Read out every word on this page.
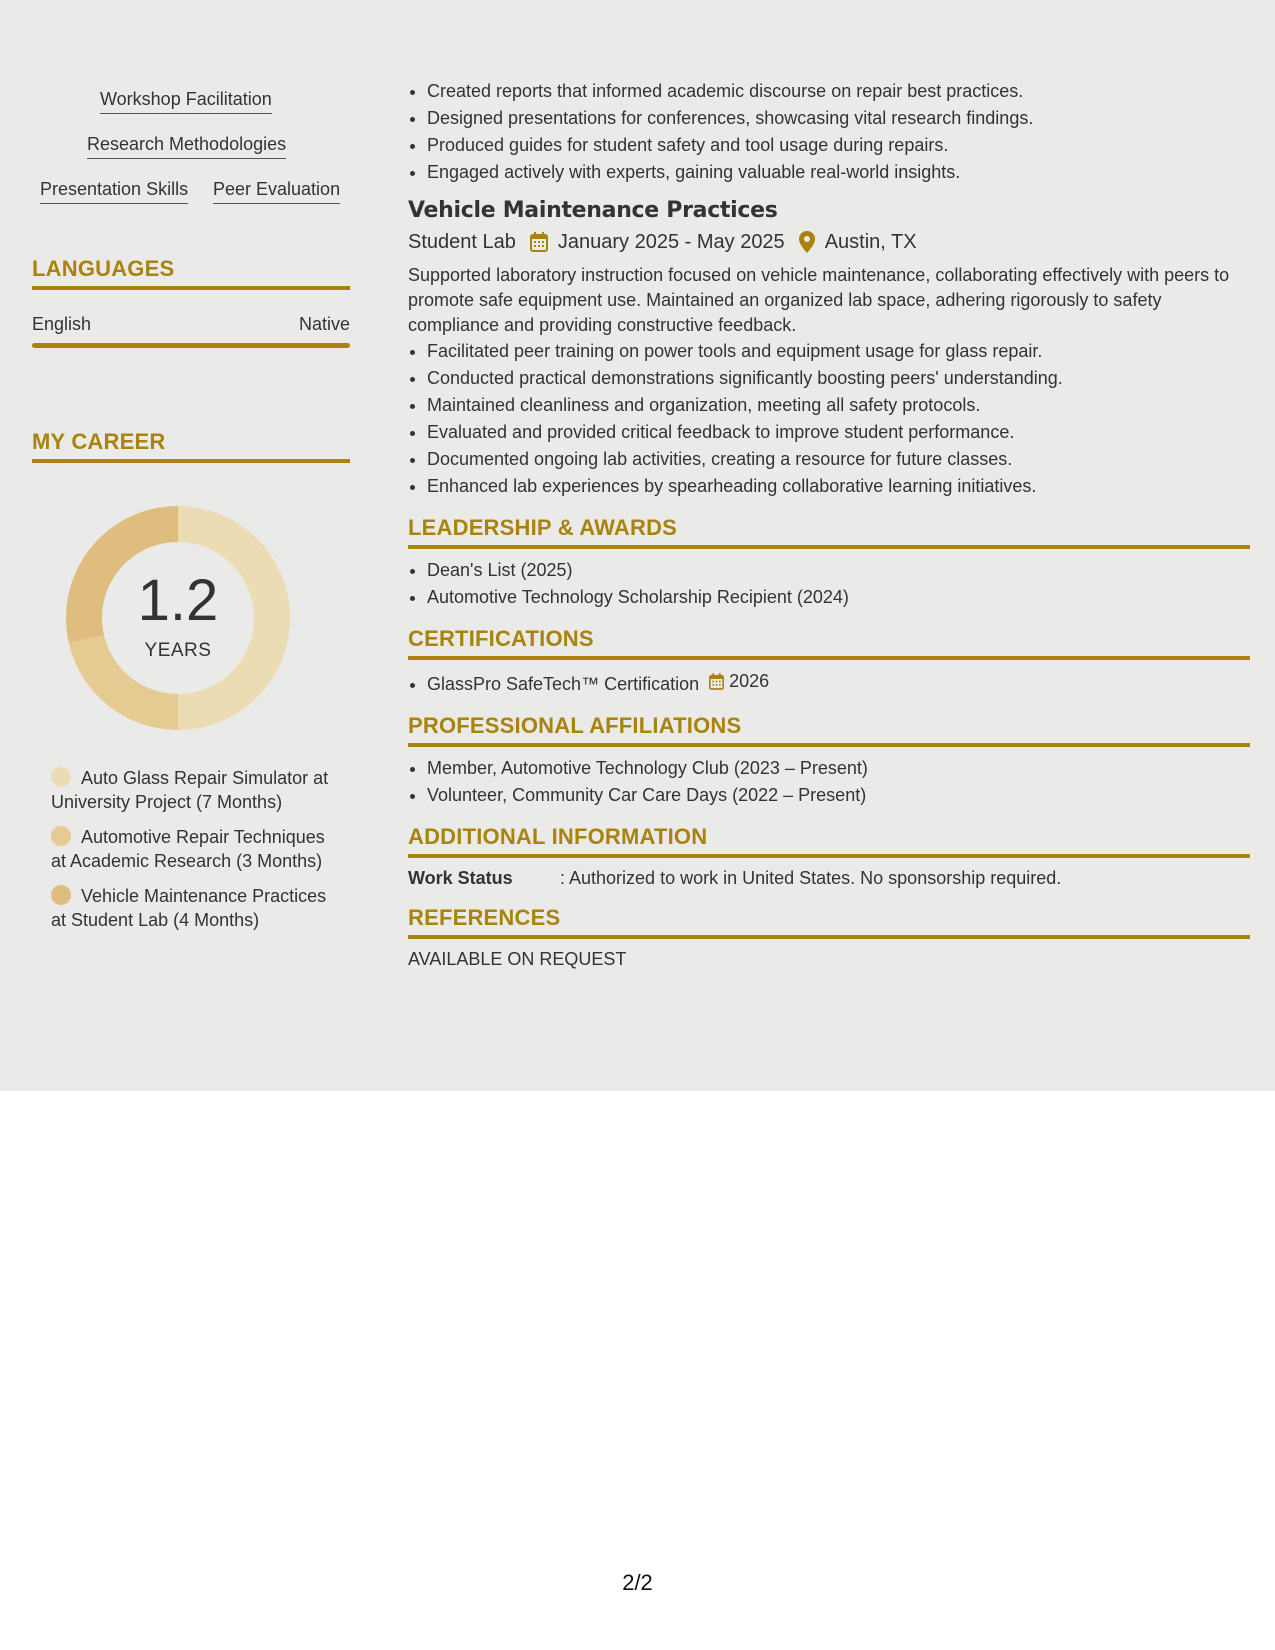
Workshop Facilitation
Research Methodologies
Presentation Skills Peer Evaluation
LANGUAGES
English	Native
MY CAREER
1.2
YEARS
Auto Glass Repair Simulator at University Project (7 Months)
Automotive Repair Techniques at Academic Research (3 Months)
Vehicle Maintenance Practices at Student Lab (4 Months)
• Created reports that informed academic discourse on repair best practices.
• Designed presentations for conferences, showcasing vital research findings.
• Produced guides for student safety and tool usage during repairs.
• Engaged actively with experts, gaining valuable real-world insights.
Vehicle Maintenance Practices
Student Lab January 2025 - May 2025 Austin, TX
Supported laboratory instruction focused on vehicle maintenance, collaborating effectively with peers to promote safe equipment use. Maintained an organized lab space, adhering rigorously to safety compliance and providing constructive feedback.
• Facilitated peer training on power tools and equipment usage for glass repair.
• Conducted practical demonstrations significantly boosting peers' understanding.
• Maintained cleanliness and organization, meeting all safety protocols.
• Evaluated and provided critical feedback to improve student performance.
• Documented ongoing lab activities, creating a resource for future classes.
• Enhanced lab experiences by spearheading collaborative learning initiatives.
LEADERSHIP & AWARDS
• Dean's List (2025)
• Automotive Technology Scholarship Recipient (2024)
CERTIFICATIONS
• GlassPro SafeTech™ Certification 2026
PROFESSIONAL AFFILIATIONS
• Member, Automotive Technology Club (2023 – Present)
• Volunteer, Community Car Care Days (2022 – Present)
ADDITIONAL INFORMATION
Work Status	: Authorized to work in United States. No sponsorship required.
REFERENCES
AVAILABLE ON REQUEST
2/2
